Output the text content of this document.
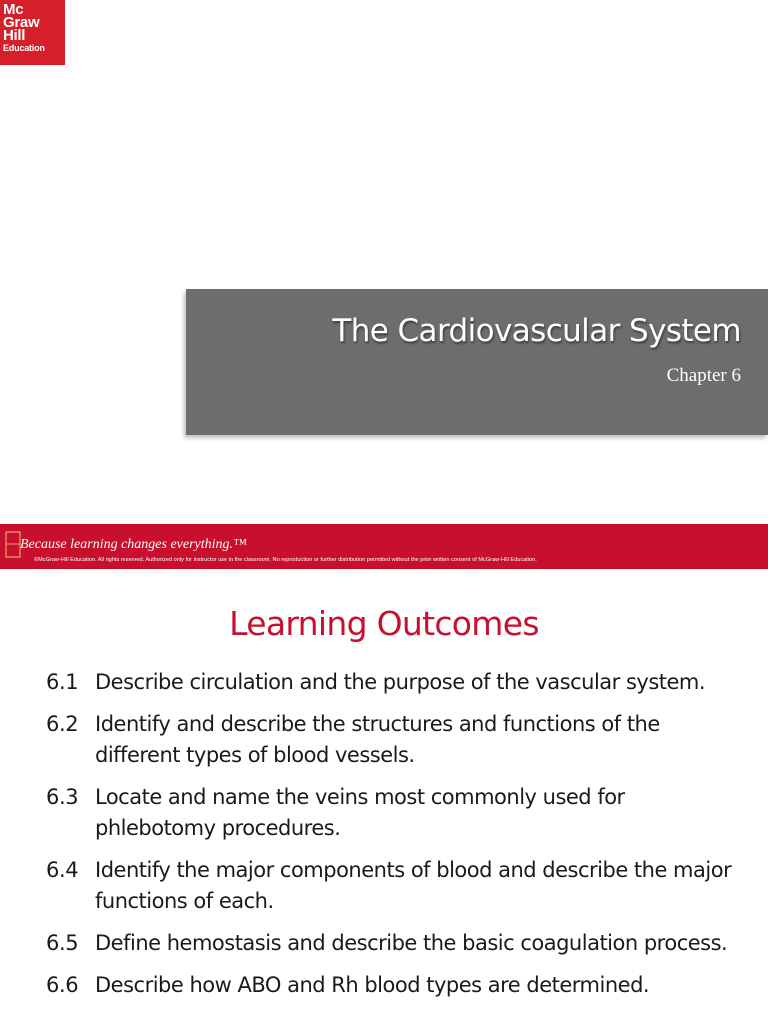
Mc
Graw
Hill
Education
The Cardiovascular System
Chapter 6
Because learning changes everything.™
©McGraw-Hill Education. All rights reserved. Authorized only for instructor use in the classroom. No reproduction or further distribution permitted without the prior written consent of McGraw-Hill Education.
Learning Outcomes
6.1 Describe circulation and the purpose of the vascular system.
6.2 Identify and describe the structures and functions of the different types of blood vessels.
6.3 Locate and name the veins most commonly used for phlebotomy procedures.
6.4 Identify the major components of blood and describe the major functions of each.
6.5 Define hemostasis and describe the basic coagulation process.
6.6 Describe how ABO and Rh blood types are determined.
